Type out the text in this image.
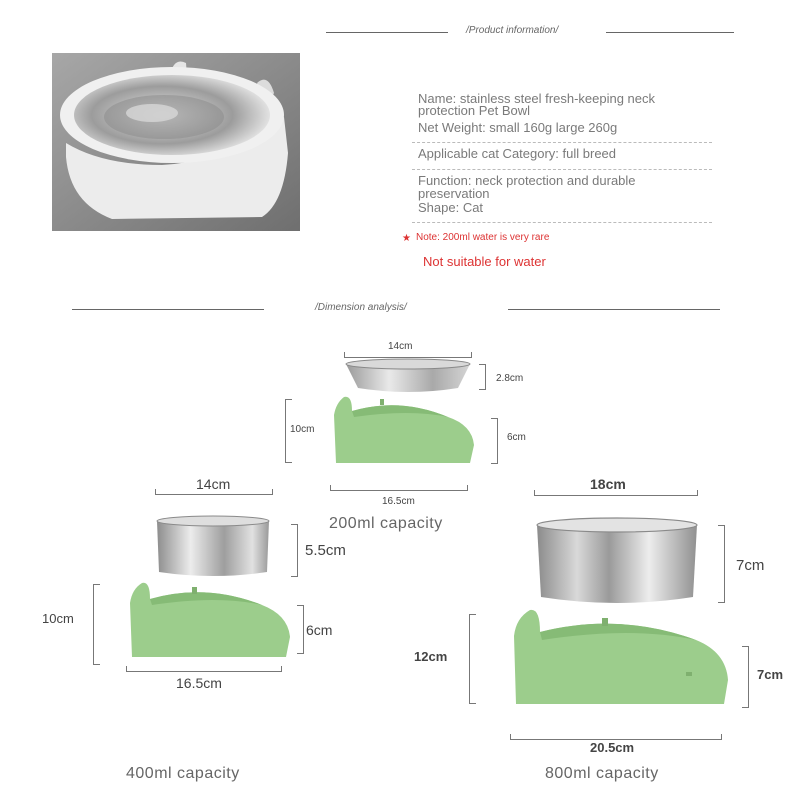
/Product information/
Name: stainless steel fresh-keeping neck
protection Pet Bowl
Net Weight: small 160g large 260g
Applicable cat Category: full breed
Function: neck protection and durable
preservation
Shape: Cat
★ Note: 200ml water is very rare
Not suitable for water
/Dimension analysis/
14cm
2.8cm
10cm
6cm
16.5cm
200ml capacity
14cm
5.5cm
10cm
6cm
16.5cm
400ml capacity
18cm
7cm
12cm
7cm
20.5cm
800ml capacity
